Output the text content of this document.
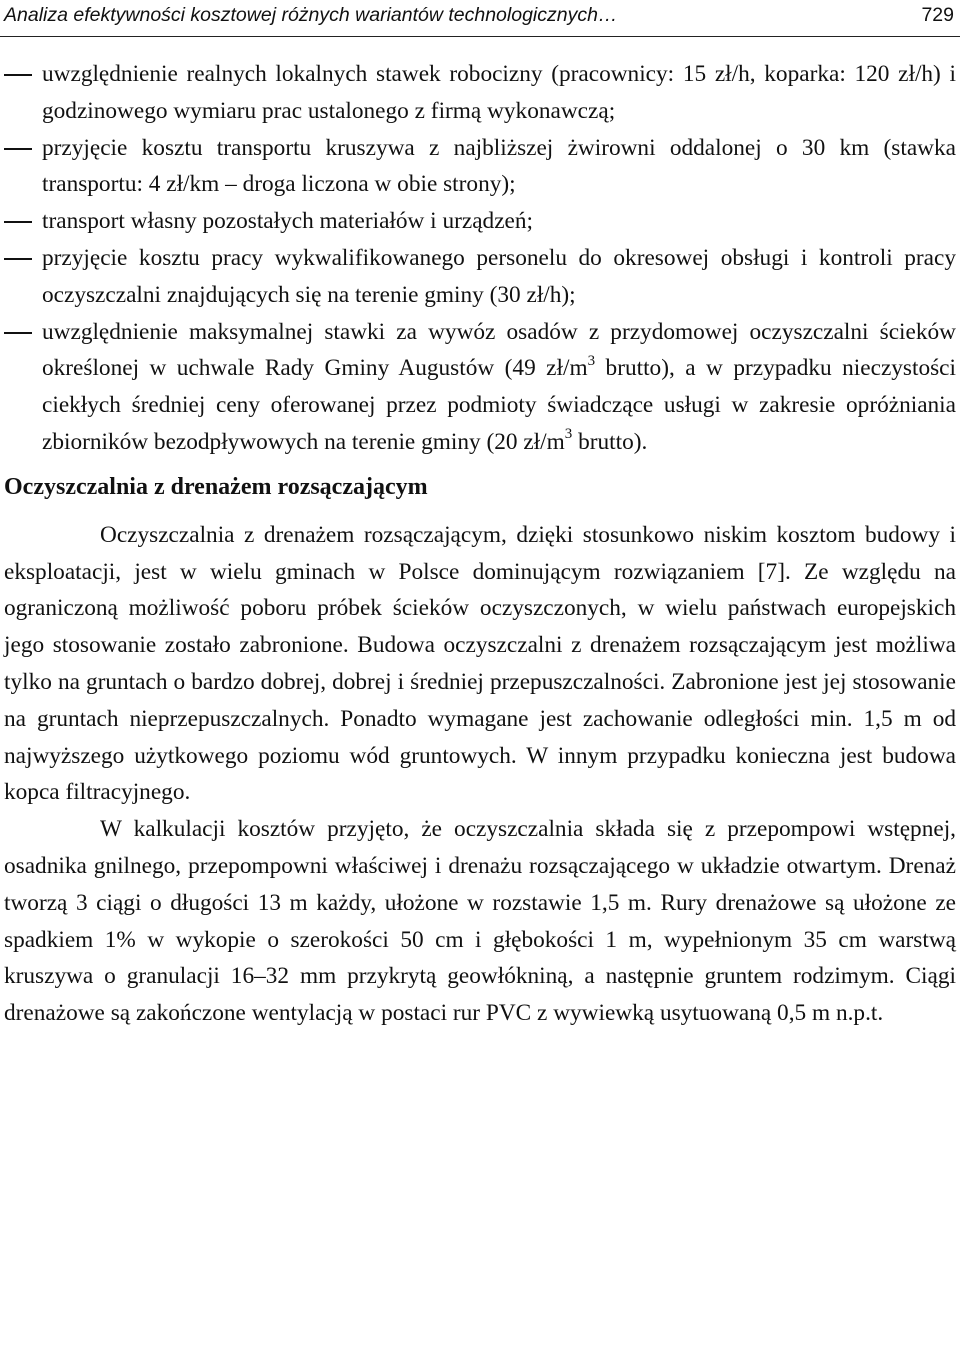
Analiza efektywności kosztowej różnych wariantów technologicznych…	729
uwzględnienie realnych lokalnych stawek robocizny (pracownicy: 15 zł/h, koparka: 120 zł/h) i godzinowego wymiaru prac ustalonego z firmą wykonawczą;
przyjęcie kosztu transportu kruszywa z najbliższej żwirowni oddalonej o 30 km (stawka transportu: 4 zł/km – droga liczona w obie strony);
transport własny pozostałych materiałów i urządzeń;
przyjęcie kosztu pracy wykwalifikowanego personelu do okresowej obsługi i kontroli pracy oczyszczalni znajdujących się na terenie gminy (30 zł/h);
uwzględnienie maksymalnej stawki za wywóz osadów z przydomowej oczyszczalni ścieków określonej w uchwale Rady Gminy Augustów (49 $zł/m^3$ brutto), a w przypadku nieczystości ciekłych średniej ceny oferowanej przez podmioty świadczące usługi w zakresie opróżniania zbiorników bezodpływowych na terenie gminy (20 $zł/m^3$ brutto).
Oczyszczalnia z drenażem rozsączającym

Oczyszczalnia z drenażem rozsączającym, dzięki stosunkowo niskim kosztom budowy i eksploatacji, jest w wielu gminach w Polsce dominującym rozwiązaniem [7]. Ze względu na ograniczoną możliwość poboru próbek ścieków oczyszczonych, w wielu państwach europejskich jego stosowanie zostało zabronione. Budowa oczyszczalni z drenażem rozsączającym jest możliwa tylko na gruntach o bardzo dobrej, dobrej i średniej przepuszczalności. Zabronione jest jej stosowanie na gruntach nieprzepuszczalnych. Ponadto wymagane jest zachowanie odległości min. 1,5 m od najwyższego użytkowego poziomu wód gruntowych. W innym przypadku konieczna jest budowa kopca filtracyjnego.

W kalkulacji kosztów przyjęto, że oczyszczalnia składa się z przepompowi wstępnej, osadnika gnilnego, przepompowni właściwej i drenażu rozsączającego w układzie otwartym. Drenaż tworzą 3 ciągi o długości 13 m każdy, ułożone w rozstawie 1,5 m. Rury drenażowe są ułożone ze spadkiem 1% w wykopie o szerokości 50 cm i głębokości 1 m, wypełnionym 35 cm warstwą kruszywa o granulacji 16–32 mm przykrytą geowłókniną, a następnie gruntem rodzimym. Ciągi drenażowe są zakończone wentylacją w postaci rur PVC z wywiewką usytuowaną 0,5 m n.p.t.
